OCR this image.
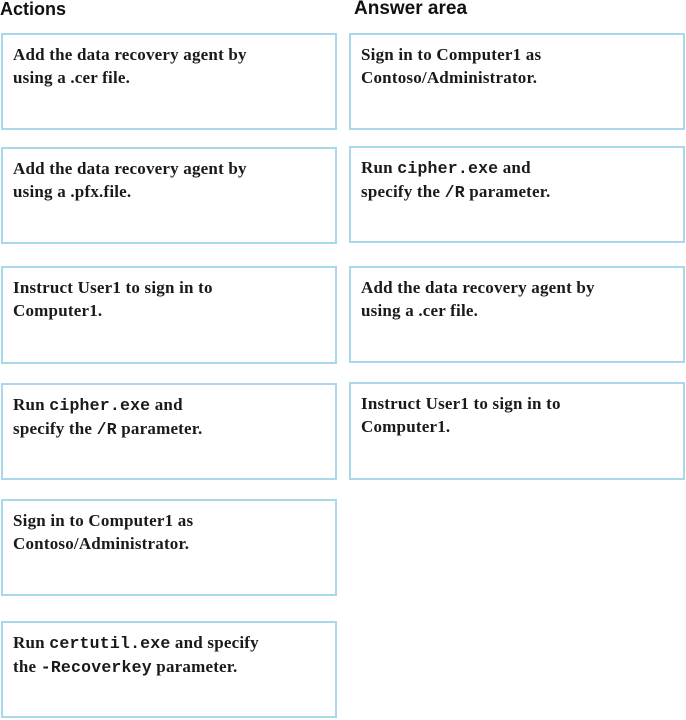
Actions	Answer area
Add the data recovery agent by
using a .cer file.
Add the data recovery agent by
using a .pfx.file.
Instruct User1 to sign in to
Computer1.
Run cipher.exe and
specify the /R parameter.
Sign in to Computer1 as
Contoso/Administrator.
Run certutil.exe and specify
the -Recoverkey parameter.
Sign in to Computer1 as
Contoso/Administrator.
Run cipher.exe and
specify the /R parameter.
Add the data recovery agent by
using a .cer file.
Instruct User1 to sign in to
Computer1.
